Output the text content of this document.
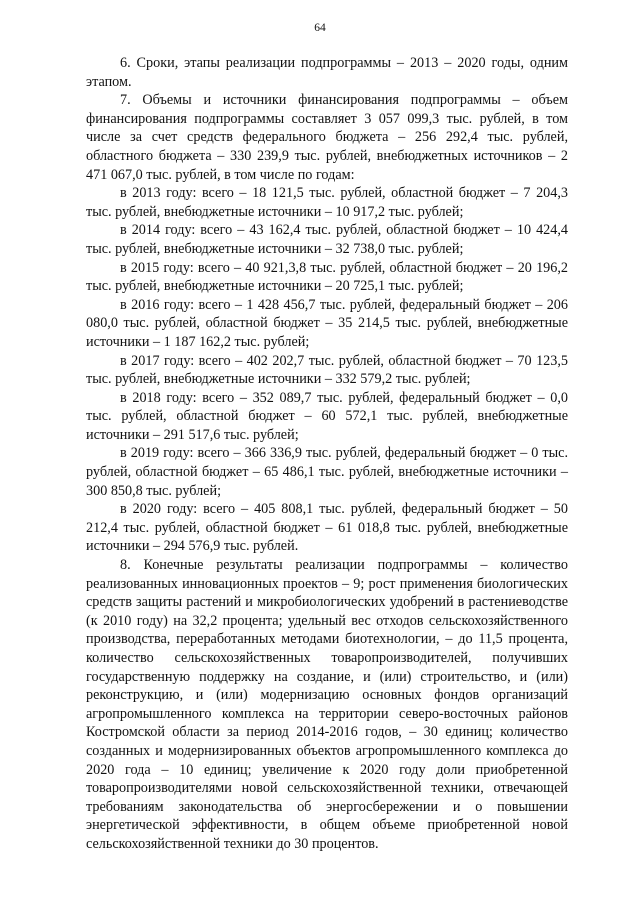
64

6. Сроки, этапы реализации подпрограммы – 2013 – 2020 годы, одним этапом.

7. Объемы и источники финансирования подпрограммы – объем финансирования подпрограммы составляет 3 057 099,3 тыс. рублей, в том числе за счет средств федерального бюджета – 256 292,4 тыс. рублей, областного бюджета – 330 239,9 тыс. рублей, внебюджетных источников – 2 471 067,0 тыс. рублей, в том числе по годам:

в 2013 году: всего – 18 121,5 тыс. рублей, областной бюджет – 7 204,3 тыс. рублей, внебюджетные источники – 10 917,2 тыс. рублей;

в 2014 году: всего – 43 162,4 тыс. рублей, областной бюджет – 10 424,4 тыс. рублей, внебюджетные источники – 32 738,0 тыс. рублей;

в 2015 году: всего – 40 921,3,8 тыс. рублей, областной бюджет – 20 196,2 тыс. рублей, внебюджетные источники – 20 725,1 тыс. рублей;

в 2016 году: всего – 1 428 456,7 тыс. рублей, федеральный бюджет – 206 080,0 тыс. рублей, областной бюджет – 35 214,5 тыс. рублей, внебюджетные источники – 1 187 162,2 тыс. рублей;

в 2017 году: всего – 402 202,7 тыс. рублей, областной бюджет – 70 123,5 тыс. рублей, внебюджетные источники – 332 579,2 тыс. рублей;

в 2018 году: всего – 352 089,7 тыс. рублей, федеральный бюджет – 0,0 тыс. рублей, областной бюджет – 60 572,1 тыс. рублей, внебюджетные источники – 291 517,6 тыс. рублей;

в 2019 году: всего – 366 336,9 тыс. рублей, федеральный бюджет – 0 тыс. рублей, областной бюджет – 65 486,1 тыс. рублей, внебюджетные источники – 300 850,8 тыс. рублей;

в 2020 году: всего – 405 808,1 тыс. рублей, федеральный бюджет – 50 212,4 тыс. рублей, областной бюджет – 61 018,8 тыс. рублей, внебюджетные источники – 294 576,9 тыс. рублей.

8. Конечные результаты реализации подпрограммы – количество реализованных инновационных проектов – 9; рост применения биологических средств защиты растений и микробиологических удобрений в растениеводстве (к 2010 году) на 32,2 процента; удельный вес отходов сельскохозяйственного производства, переработанных методами биотехнологии, – до 11,5 процента, количество сельскохозяйственных товаропроизводителей, получивших государственную поддержку на создание, и (или) строительство, и (или) реконструкцию, и (или) модернизацию основных фондов организаций агропромышленного комплекса на территории северо-восточных районов Костромской области за период 2014-2016 годов, – 30 единиц; количество созданных и модернизированных объектов агропромышленного комплекса до 2020 года – 10 единиц; увеличение к 2020 году доли приобретенной товаропроизводителями новой сельскохозяйственной техники, отвечающей требованиям законодательства об энергосбережении и о повышении энергетической эффективности, в общем объеме приобретенной новой сельскохозяйственной техники до 30 процентов.
